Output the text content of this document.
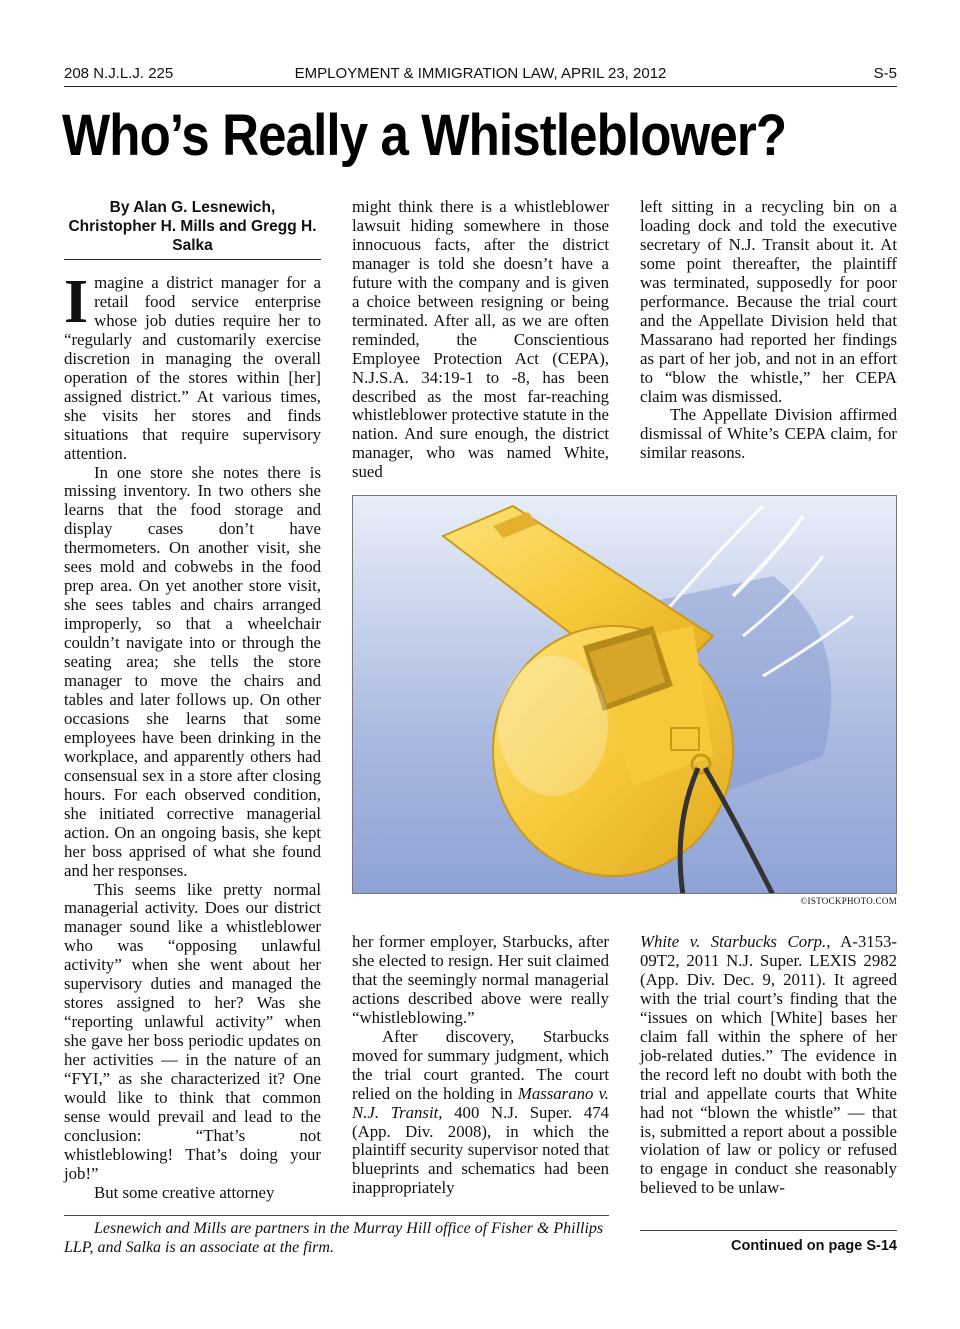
208 N.J.L.J. 225	EMPLOYMENT & IMMIGRATION LAW, APRIL 23, 2012	S-5
Who’s Really a Whistleblower?
By Alan G. Lesnewich, Christopher H. Mills and Gregg H. Salka

Imagine a district manager for a retail food service enterprise whose job duties require her to “regularly and customarily exercise discretion in managing the overall operation of the stores within [her] assigned district.” At various times, she visits her stores and finds situations that require supervisory attention.

In one store she notes there is missing inventory. In two others she learns that the food storage and display cases don’t have thermometers. On another visit, she sees mold and cobwebs in the food prep area. On yet another store visit, she sees tables and chairs arranged improperly, so that a wheelchair couldn’t navigate into or through the seating area; she tells the store manager to move the chairs and tables and later follows up. On other occasions she learns that some employees have been drinking in the workplace, and apparently others had consensual sex in a store after closing hours. For each observed condition, she initiated corrective managerial action. On an ongoing basis, she kept her boss apprised of what she found and her responses.

This seems like pretty normal managerial activity. Does our district manager sound like a whistleblower who was “opposing unlawful activity” when she went about her supervisory duties and managed the stores assigned to her? Was she “reporting unlawful activity” when she gave her boss periodic updates on her activities — in the nature of an “FYI,” as she characterized it? One would like to think that common sense would prevail and lead to the conclusion: “That’s not whistleblowing! That’s doing your job!”

But some creative attorney

might think there is a whistleblower lawsuit hiding somewhere in those innocuous facts, after the district manager is told she doesn’t have a future with the company and is given a choice between resigning or being terminated. After all, as we are often reminded, the Conscientious Employee Protection Act (CEPA), N.J.S.A. 34:19-1 to -8, has been described as the most far-reaching whistleblower protective statute in the nation. And sure enough, the district manager, who was named White, sued

left sitting in a recycling bin on a loading dock and told the executive secretary of N.J. Transit about it. At some point thereafter, the plaintiff was terminated, supposedly for poor performance. Because the trial court and the Appellate Division held that Massarano had reported her findings as part of her job, and not in an effort to “blow the whistle,” her CEPA claim was dismissed.

The Appellate Division affirmed dismissal of White’s CEPA claim, for similar reasons.

©ISTOCKPHOTO.COM

her former employer, Starbucks, after she elected to resign. Her suit claimed that the seemingly normal managerial actions described above were really “whistleblowing.”

After discovery, Starbucks moved for summary judgment, which the trial court granted. The court relied on the holding in Massarano v. N.J. Transit, 400 N.J. Super. 474 (App. Div. 2008), in which the plaintiff security supervisor noted that blueprints and schematics had been inappropriately

White v. Starbucks Corp., A-3153-09T2, 2011 N.J. Super. LEXIS 2982 (App. Div. Dec. 9, 2011). It agreed with the trial court’s finding that the “issues on which [White] bases her claim fall within the sphere of her job-related duties.” The evidence in the record left no doubt with both the trial and appellate courts that White had not “blown the whistle” — that is, submitted a report about a possible violation of law or policy or refused to engage in conduct she reasonably believed to be unlaw-

Lesnewich and Mills are partners in the Murray Hill office of Fisher & Phillips LLP, and Salka is an associate at the firm.	Continued on page S-14
